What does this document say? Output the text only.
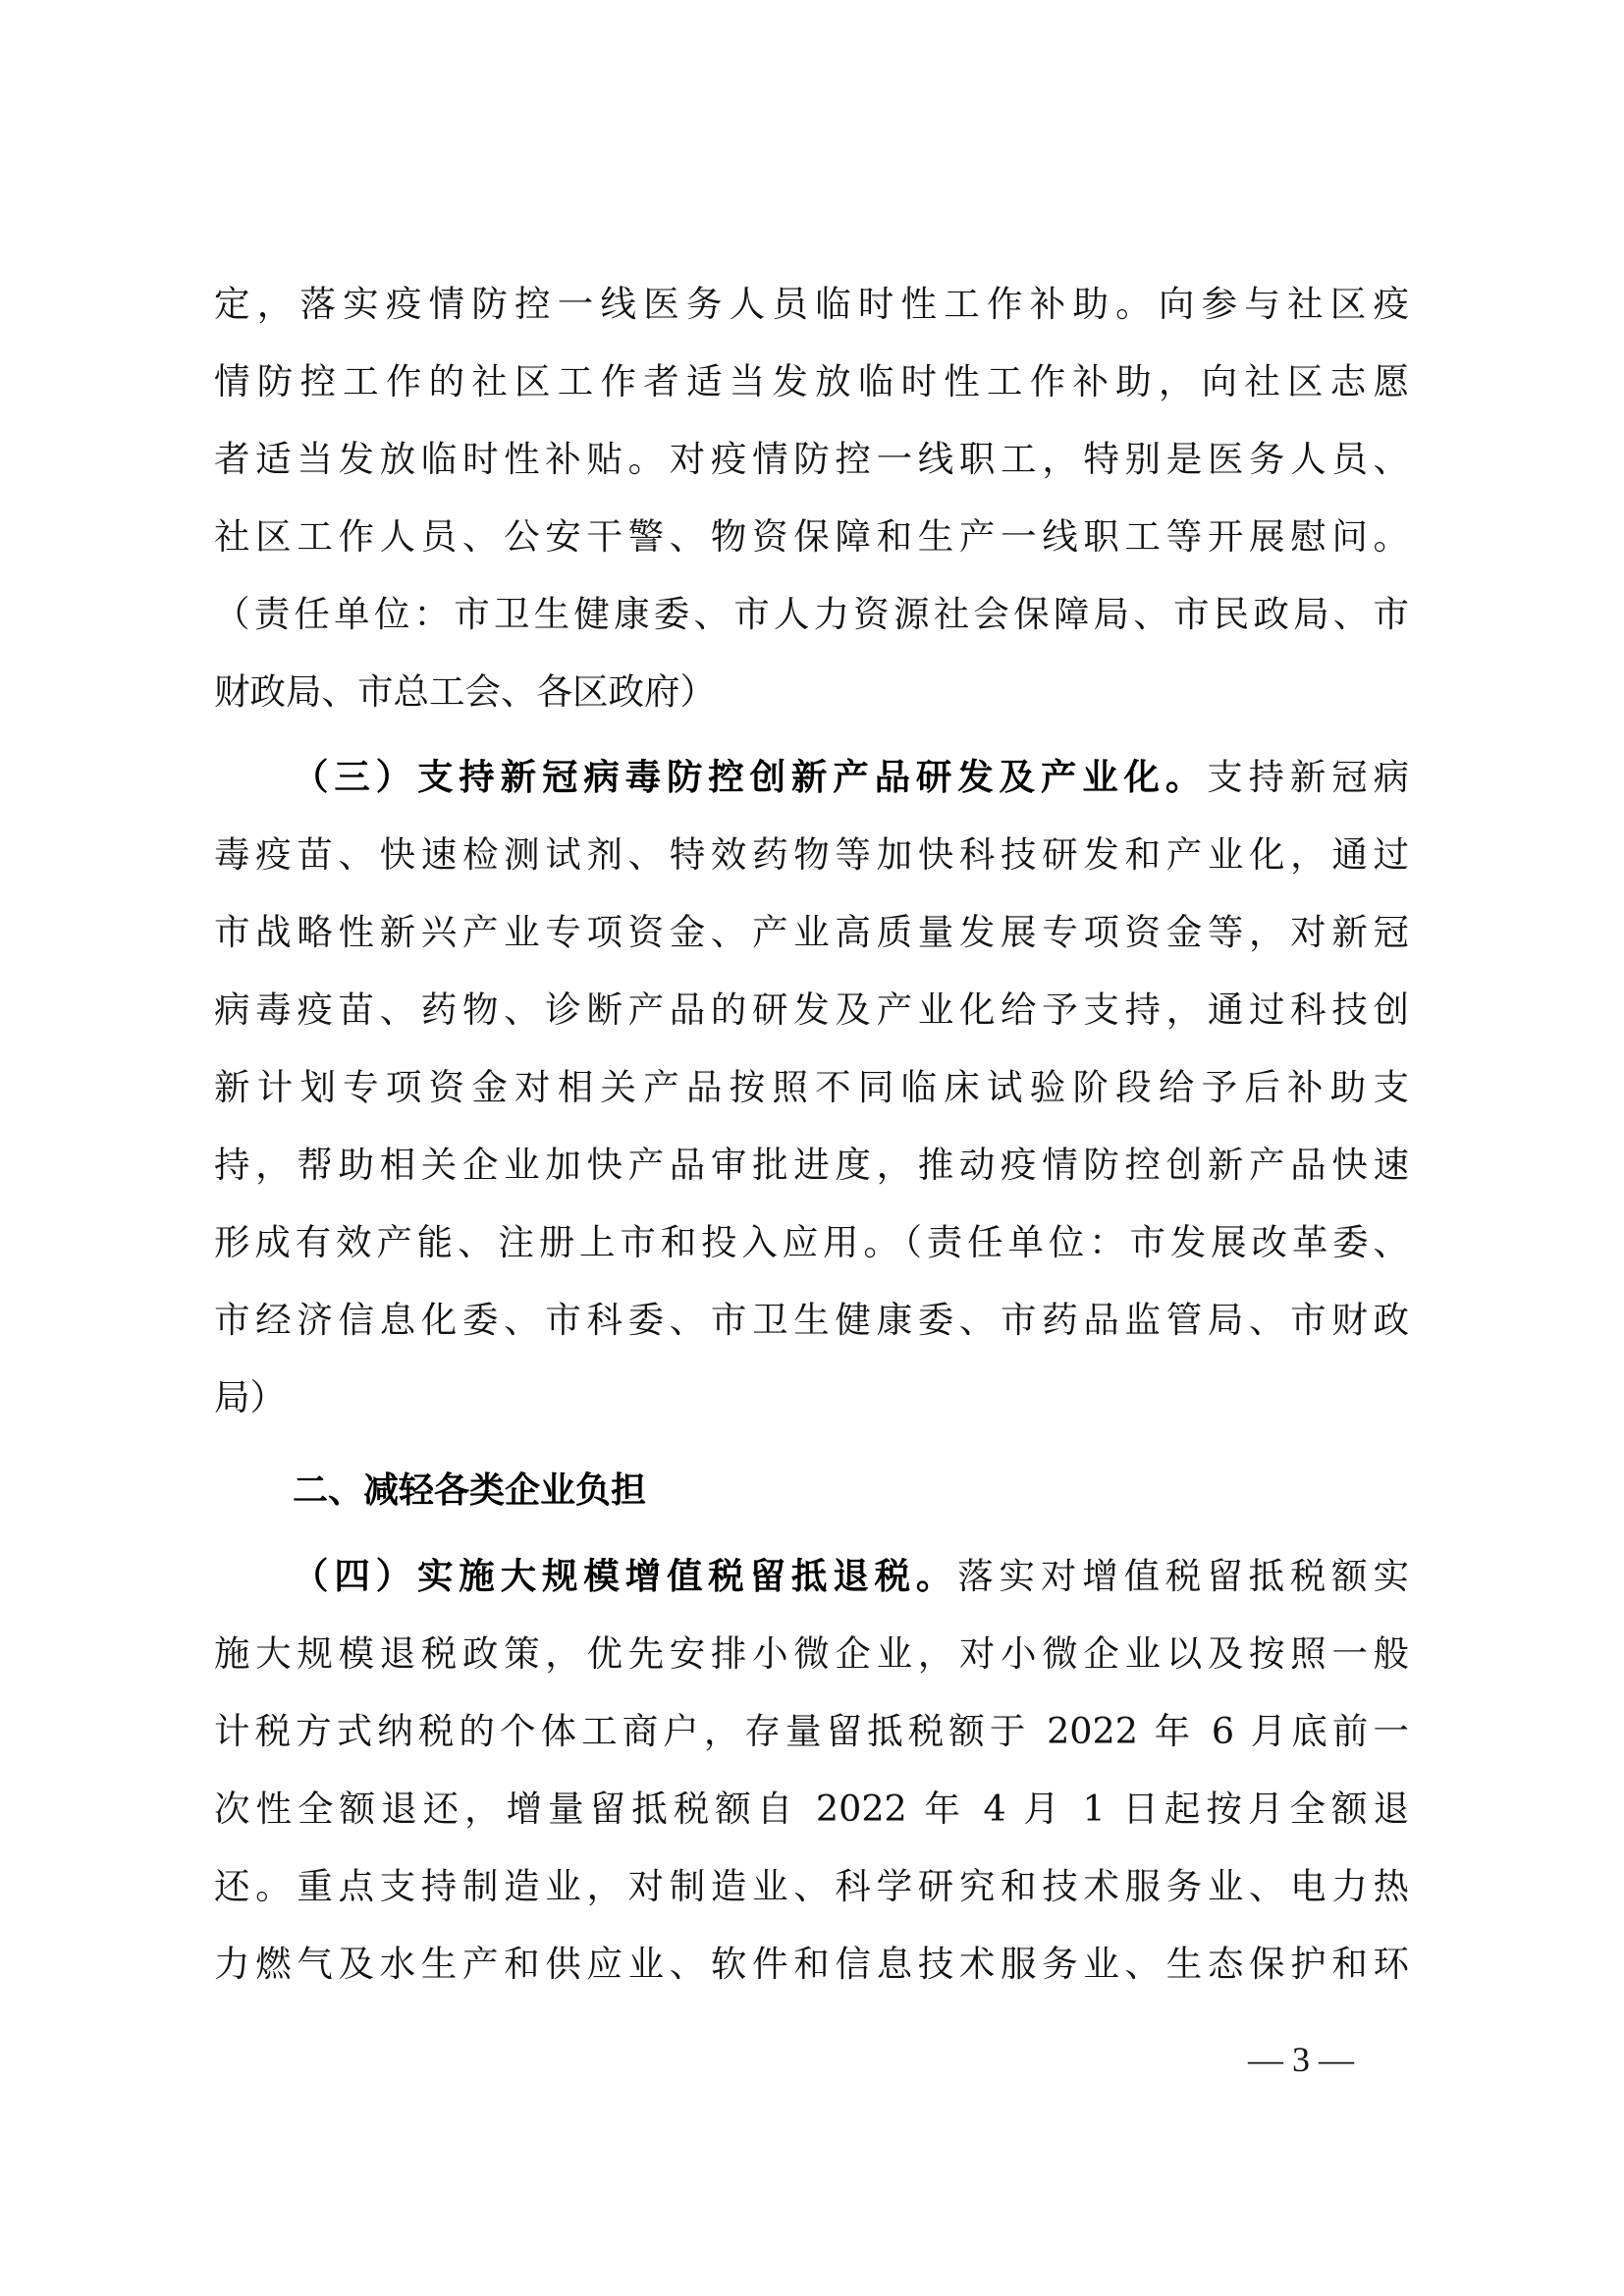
定，落实疫情防控一线医务人员临时性工作补助。向参与社区疫
情防控工作的社区工作者适当发放临时性工作补助，向社区志愿
者适当发放临时性补贴。对疫情防控一线职工，特别是医务人员、
社区工作人员、公安干警、物资保障和生产一线职工等开展慰问。
（责任单位：市卫生健康委、市人力资源社会保障局、市民政局、市
财政局、市总工会、各区政府）
（三）支持新冠病毒防控创新产品研发及产业化。支持新冠病
毒疫苗、快速检测试剂、特效药物等加快科技研发和产业化，通过
市战略性新兴产业专项资金、产业高质量发展专项资金等，对新冠
病毒疫苗、药物、诊断产品的研发及产业化给予支持，通过科技创
新计划专项资金对相关产品按照不同临床试验阶段给予后补助支
持，帮助相关企业加快产品审批进度，推动疫情防控创新产品快速
形成有效产能、注册上市和投入应用。（责任单位：市发展改革委、
市经济信息化委、市科委、市卫生健康委、市药品监管局、市财政
局）
二、减轻各类企业负担
（四）实施大规模增值税留抵退税。落实对增值税留抵税额实
施大规模退税政策，优先安排小微企业，对小微企业以及按照一般
计税方式纳税的个体工商户，存量留抵税额于 2022 年 6 月底前一
次性全额退还，增量留抵税额自 2022 年 4 月 1 日起按月全额退
还。重点支持制造业，对制造业、科学研究和技术服务业、电力热
力燃气及水生产和供应业、软件和信息技术服务业、生态保护和环
— 3 —
